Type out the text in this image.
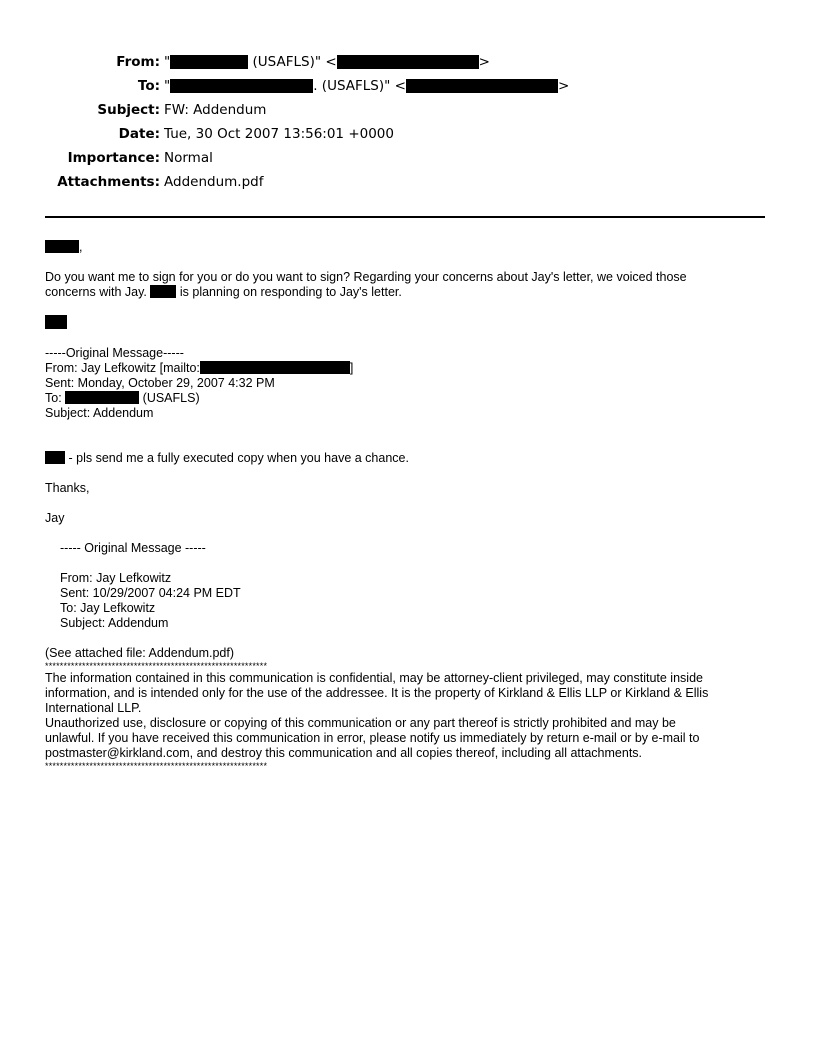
From: "	(USAFLS)" <	>
To: "	. (USAFLS)" <	>
Subject: FW: Addendum
Date: Tue, 30 Oct 2007 13:56:01 +0000
Importance: Normal
Attachments: Addendum.pdf

,

Do you want me to sign for you or do you want to sign? Regarding your concerns about Jay's letter, we voiced those

concerns with Jay.	is planning on responding to Jay's letter.

-----Original Message-----

From: Jay Lefkowitz [mailto:	]

Sent: Monday, October 29, 2007 4:32 PM

To:	(USAFLS)

Subject: Addendum

- pls send me a fully executed copy when you have a chance.

Thanks,

Jay

----- Original Message -----

From: Jay Lefkowitz

Sent: 10/29/2007 04:24 PM EDT

To: Jay Lefkowitz

Subject: Addendum

(See attached file: Addendum.pdf)

************************************************************

The information contained in this communication is confidential, may be attorney-client privileged, may constitute inside

information, and is intended only for the use of the addressee. It is the property of Kirkland & Ellis LLP or Kirkland & Ellis

International LLP.

Unauthorized use, disclosure or copying of this communication or any part thereof is strictly prohibited and may be

unlawful. If you have received this communication in error, please notify us immediately by return e-mail or by e-mail to

postmaster@kirkland.com, and destroy this communication and all copies thereof, including all attachments.

************************************************************
